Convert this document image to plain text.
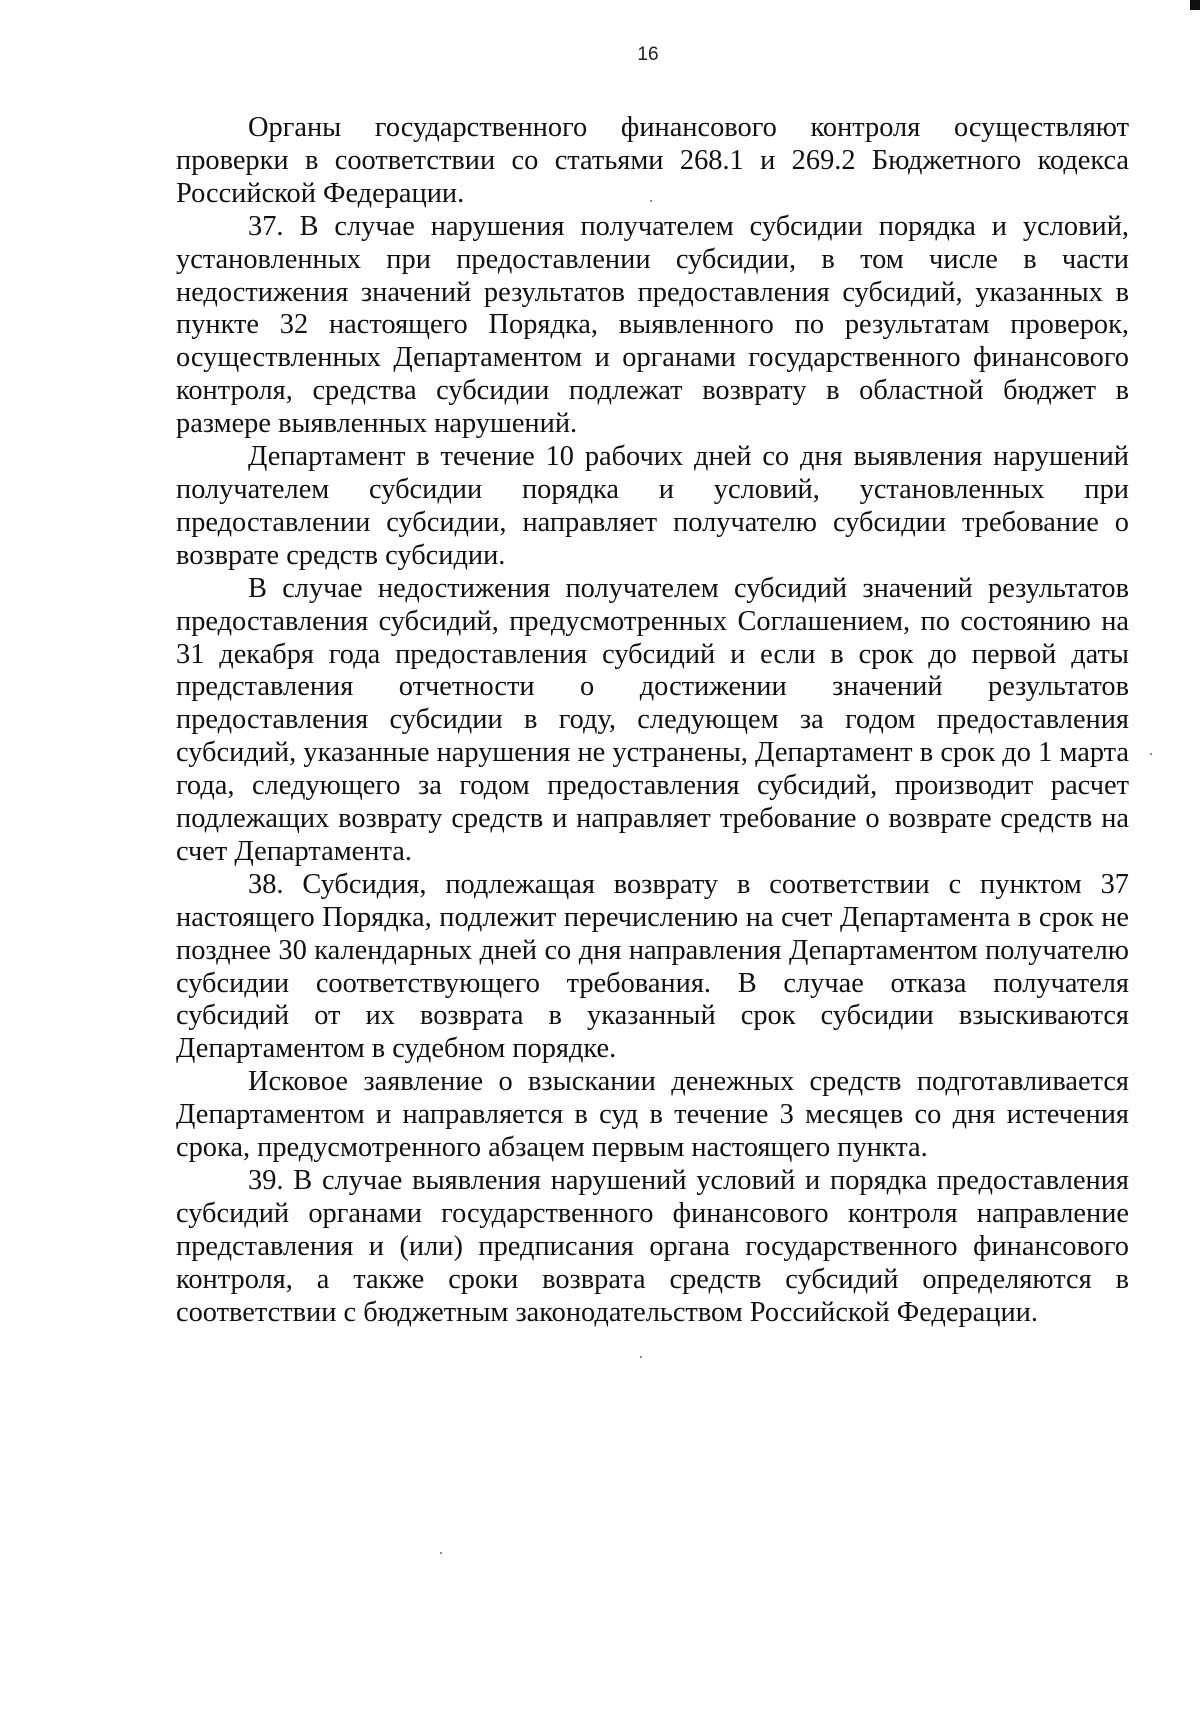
16

Органы государственного финансового контроля осуществляют проверки в соответствии со статьями 268.1 и 269.2 Бюджетного кодекса Российской Федерации.

37. В случае нарушения получателем субсидии порядка и условий, установленных при предоставлении субсидии, в том числе в части недостижения значений результатов предоставления субсидий, указанных в пункте 32 настоящего Порядка, выявленного по результатам проверок, осуществленных Департаментом и органами государственного финансового контроля, средства субсидии подлежат возврату в областной бюджет в размере выявленных нарушений.

Департамент в течение 10 рабочих дней со дня выявления нарушений получателем субсидии порядка и условий, установленных при предоставлении субсидии, направляет получателю субсидии требование о возврате средств субсидии.

В случае недостижения получателем субсидий значений результатов предоставления субсидий, предусмотренных Соглашением, по состоянию на 31 декабря года предоставления субсидий и если в срок до первой даты представления отчетности о достижении значений результатов предоставления субсидии в году, следующем за годом предоставления субсидий, указанные нарушения не устранены, Департамент в срок до 1 марта года, следующего за годом предоставления субсидий, производит расчет подлежащих возврату средств и направляет требование о возврате средств на счет Департамента.

38. Субсидия, подлежащая возврату в соответствии с пунктом 37 настоящего Порядка, подлежит перечислению на счет Департамента в срок не позднее 30 календарных дней со дня направления Департаментом получателю субсидии соответствующего требования. В случае отказа получателя субсидий от их возврата в указанный срок субсидии взыскиваются Департаментом в судебном порядке.

Исковое заявление о взыскании денежных средств подготавливается Департаментом и направляется в суд в течение 3 месяцев со дня истечения срока, предусмотренного абзацем первым настоящего пункта.

39. В случае выявления нарушений условий и порядка предоставления субсидий органами государственного финансового контроля направление представления и (или) предписания органа государственного финансового контроля, а также сроки возврата средств субсидий определяются в соответствии с бюджетным законодательством Российской Федерации.
